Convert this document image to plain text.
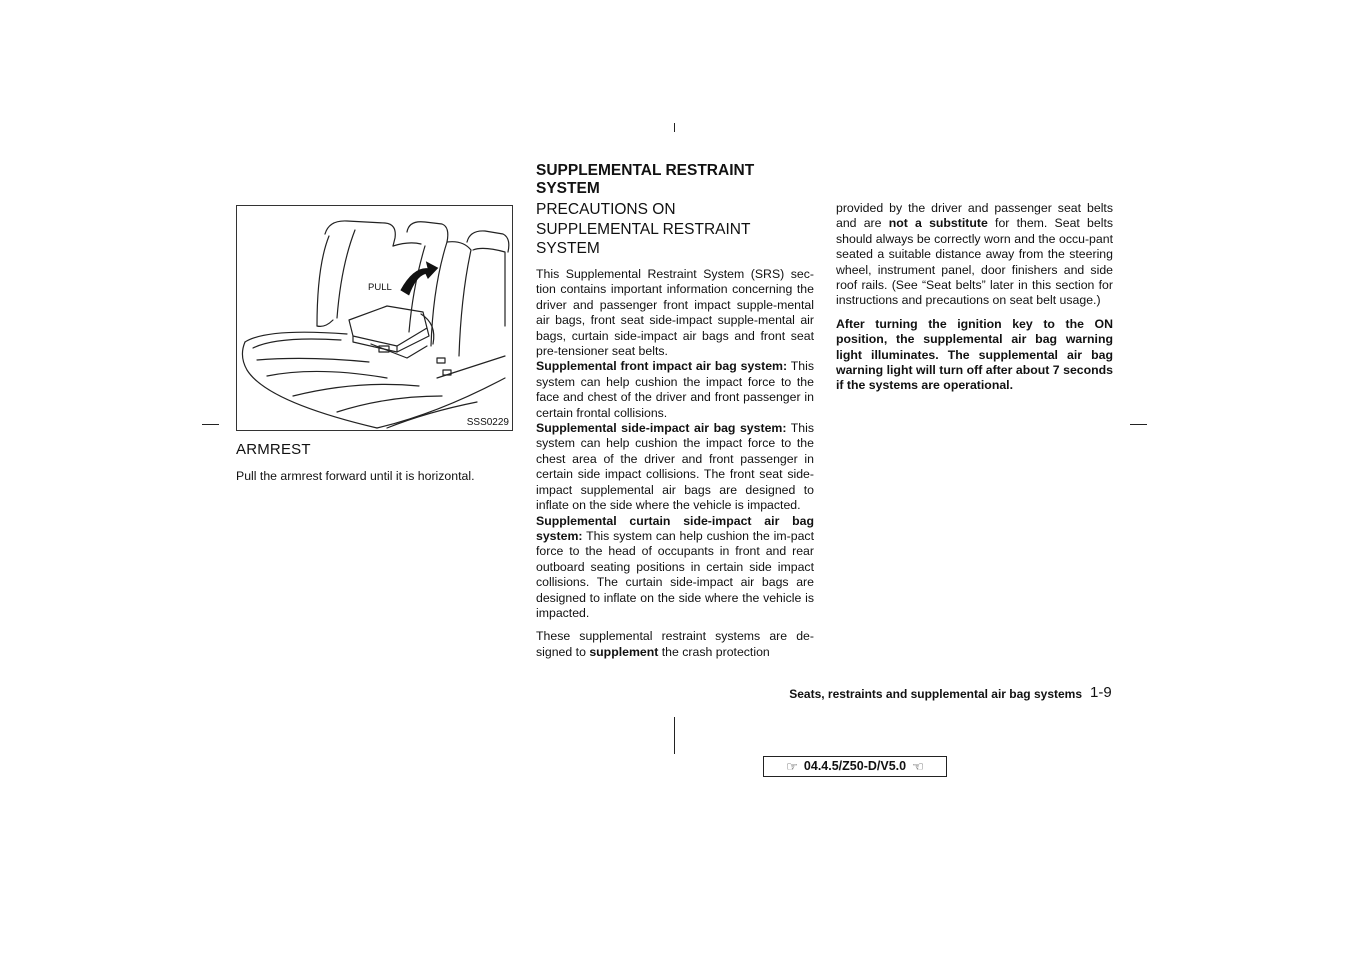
PULL
SSS0229
ARMREST
Pull the armrest forward until it is horizontal.
SUPPLEMENTAL RESTRAINT SYSTEM
PRECAUTIONS ON
SUPPLEMENTAL RESTRAINT
SYSTEM

This Supplemental Restraint System (SRS) sec-tion contains important information concerning the driver and passenger front impact supple-mental air bags, front seat side-impact supple-mental air bags, curtain side-impact air bags and front seat pre-tensioner seat belts.

Supplemental front impact air bag system: This system can help cushion the impact force to the face and chest of the driver and front passenger in certain frontal collisions.

Supplemental side-impact air bag system: This system can help cushion the impact force to the chest area of the driver and front passenger in certain side impact collisions. The front seat side-impact supplemental air bags are designed to inflate on the side where the vehicle is impacted.

Supplemental curtain side-impact air bag system: This system can help cushion the im-pact force to the head of occupants in front and rear outboard seating positions in certain side impact collisions. The curtain side-impact air bags are designed to inflate on the side where the vehicle is impacted.

These supplemental restraint systems are de-signed to supplement the crash protection

provided by the driver and passenger seat belts and are not a substitute for them. Seat belts should always be correctly worn and the occu-pant seated a suitable distance away from the steering wheel, instrument panel, door finishers and side roof rails. (See “Seat belts” later in this section for instructions and precautions on seat belt usage.)

After turning the ignition key to the ON position, the supplemental air bag warning light illuminates. The supplemental air bag warning light will turn off after about 7 seconds if the systems are operational.

Seats, restraints and supplemental air bag systems 1-9
☞ 04.4.5/Z50-D/V5.0 ☜
